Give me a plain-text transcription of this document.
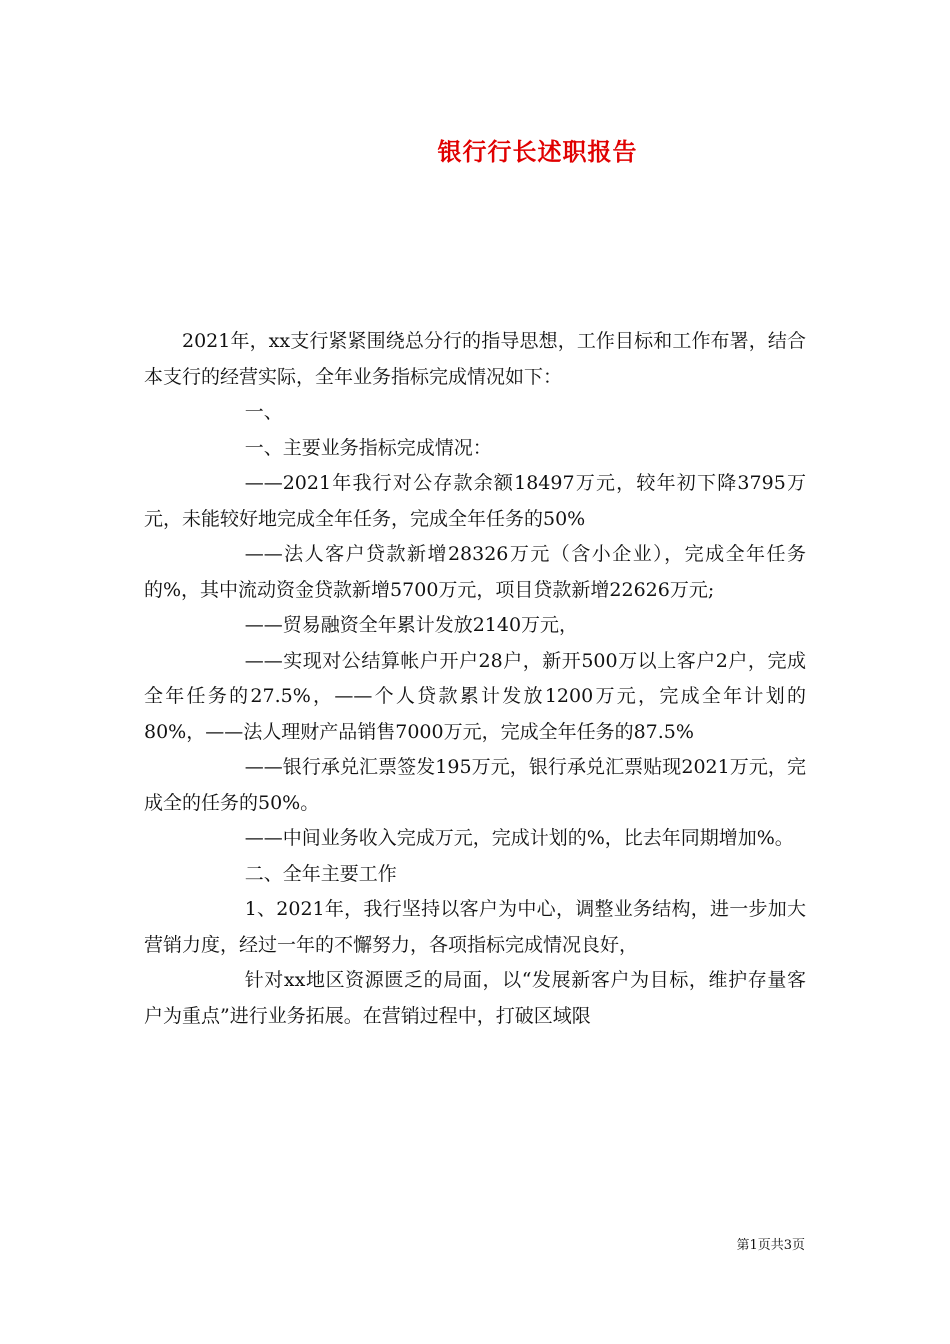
银行行长述职报告

2021年，xx支行紧紧围绕总分行的指导思想，工作目标和工作布署，结合本支行的经营实际，全年业务指标完成情况如下：

一、

一、主要业务指标完成情况：

——2021年我行对公存款余额18497万元，较年初下降3795万元，未能较好地完成全年任务，完成全年任务的50%

——法人客户贷款新增28326万元（含小企业），完成全年任务的%，其中流动资金贷款新增5700万元，项目贷款新增22626万元;

——贸易融资全年累计发放2140万元，

——实现对公结算帐户开户28户，新开500万以上客户2户，完成全年任务的27.5%，——个人贷款累计发放1200万元，完成全年计划的80%，——法人理财产品销售7000万元，完成全年任务的87.5%

——银行承兑汇票签发195万元，银行承兑汇票贴现2021万元，完成全的任务的50%。

——中间业务收入完成万元，完成计划的%，比去年同期增加%。

二、全年主要工作

1、2021年，我行坚持以客户为中心，调整业务结构，进一步加大营销力度，经过一年的不懈努力，各项指标完成情况良好，

针对xx地区资源匮乏的局面，以“发展新客户为目标，维护存量客户为重点”进行业务拓展。在营销过程中，打破区域限

第1页共3页
